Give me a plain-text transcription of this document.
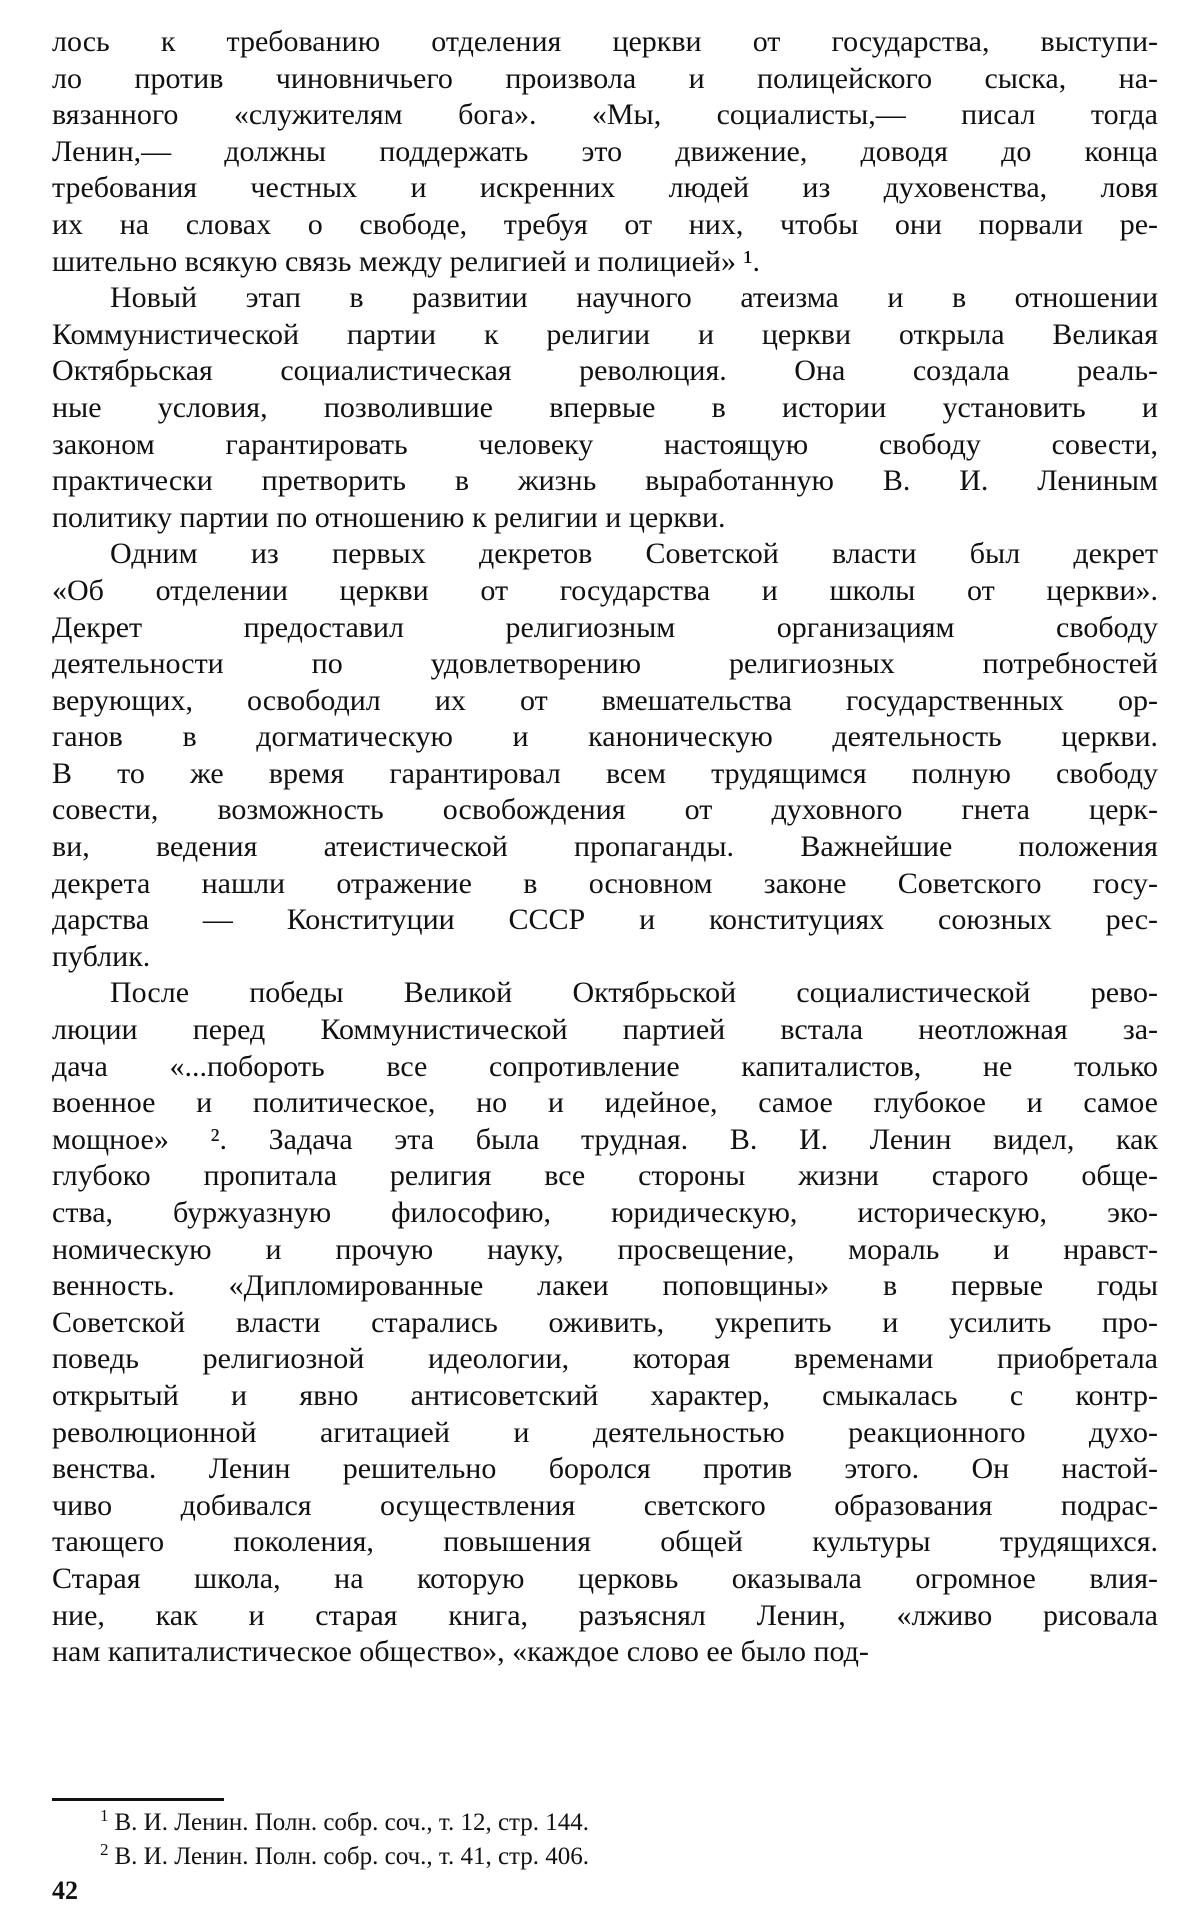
лось к требованию отделения церкви от государства, выступи-
ло против чиновничьего произвола и полицейского сыска, на-
вязанного «служителям бога». «Мы, социалисты,— писал тогда
Ленин,— должны поддержать это движение, доводя до конца
требования честных и искренних людей из духовенства, ловя
их на словах о свободе, требуя от них, чтобы они порвали ре-
шительно всякую связь между религией и полицией» ¹.
Новый этап в развитии научного атеизма и в отношении
Коммунистической партии к религии и церкви открыла Великая
Октябрьская социалистическая революция. Она создала реаль-
ные условия, позволившие впервые в истории установить и
законом гарантировать человеку настоящую свободу совести,
практически претворить в жизнь выработанную В. И. Лениным
политику партии по отношению к религии и церкви.
Одним из первых декретов Советской власти был декрет
«Об отделении церкви от государства и школы от церкви».
Декрет предоставил религиозным организациям свободу
деятельности по удовлетворению религиозных потребностей
верующих, освободил их от вмешательства государственных ор-
ганов в догматическую и каноническую деятельность церкви.
В то же время гарантировал всем трудящимся полную свободу
совести, возможность освобождения от духовного гнета церк-
ви, ведения атеистической пропаганды. Важнейшие положения
декрета нашли отражение в основном законе Советского госу-
дарства — Конституции СССР и конституциях союзных рес-
публик.
После победы Великой Октябрьской социалистической рево-
люции перед Коммунистической партией встала неотложная за-
дача «...побороть все сопротивление капиталистов, не только
военное и политическое, но и идейное, самое глубокое и самое
мощное» ². Задача эта была трудная. В. И. Ленин видел, как
глубоко пропитала религия все стороны жизни старого обще-
ства, буржуазную философию, юридическую, историческую, эко-
номическую и прочую науку, просвещение, мораль и нравст-
венность. «Дипломированные лакеи поповщины» в первые годы
Советской власти старались оживить, укрепить и усилить про-
поведь религиозной идеологии, которая временами приобретала
открытый и явно антисоветский характер, смыкалась с контр-
революционной агитацией и деятельностью реакционного духо-
венства. Ленин решительно боролся против этого. Он настой-
чиво добивался осуществления светского образования подрас-
тающего поколения, повышения общей культуры трудящихся.
Старая школа, на которую церковь оказывала огромное влия-
ние, как и старая книга, разъяснял Ленин, «лживо рисовала
нам капиталистическое общество», «каждое слово ее было под-
$^1$ В. И. Ленин. Полн. собр. соч., т. 12, стр. 144.
$^2$ В. И. Ленин. Полн. собр. соч., т. 41, стр. 406.
42
